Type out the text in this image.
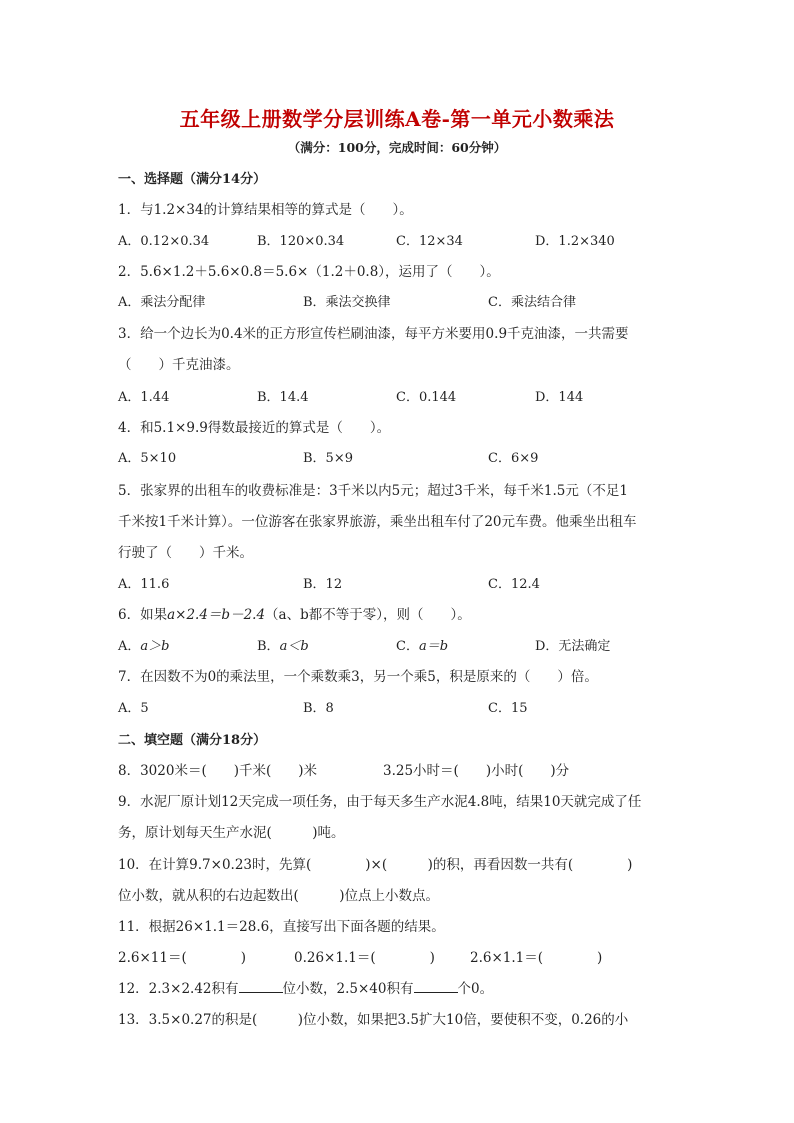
五年级上册数学分层训练A卷-第一单元小数乘法
（满分：100分，完成时间：60分钟）
一、选择题（满分14分）
1．与1.2×34的计算结果相等的算式是（　　）。
A．0.12×0.34	B．120×0.34	C．12×34	D．1.2×340
2．5.6×1.2＋5.6×0.8＝5.6×（1.2＋0.8），运用了（　　）。
A．乘法分配律	B．乘法交换律	C．乘法结合律
3．给一个边长为0.4米的正方形宣传栏刷油漆，每平方米要用0.9千克油漆，一共需要
（　　）千克油漆。
A．1.44	B．14.4	C．0.144	D．144
4．和5.1×9.9得数最接近的算式是（　　）。
A．5×10	B．5×9	C．6×9
5．张家界的出租车的收费标准是：3千米以内5元；超过3千米，每千米1.5元（不足1
千米按1千米计算）。一位游客在张家界旅游，乘坐出租车付了20元车费。他乘坐出租车
行驶了（　　）千米。
A．11.6	B．12	C．12.4
6．如果a×2.4＝b－2.4（a、b都不等于零），则（　　）。
A．a＞b	B．a＜b	C．a＝b	D．无法确定
7．在因数不为0的乘法里，一个乘数乘3，另一个乘5，积是原来的（　　）倍。
A．5	B．8	C．15
二、填空题（满分18分）
8．3020米＝(　　)千米(　　)米	3.25小时＝(　　)小时(　　)分
9．水泥厂原计划12天完成一项任务，由于每天多生产水泥4.8吨，结果10天就完成了任
务，原计划每天生产水泥(　　　)吨。
10．在计算9.7×0.23时，先算(　　　　)×(　　　)的积，再看因数一共有(　　　　)
位小数，就从积的右边起数出(　　　)位点上小数点。
11．根据26×1.1＝28.6，直接写出下面各题的结果。
2.6×11＝(　　　　)	0.26×1.1＝(　　　　)	2.6×1.1＝(　　　　)
12．2.3×2.42积有	位小数，2.5×40积有	个0。
13．3.5×0.27的积是(　　　)位小数，如果把3.5扩大10倍，要使积不变，0.26的小
